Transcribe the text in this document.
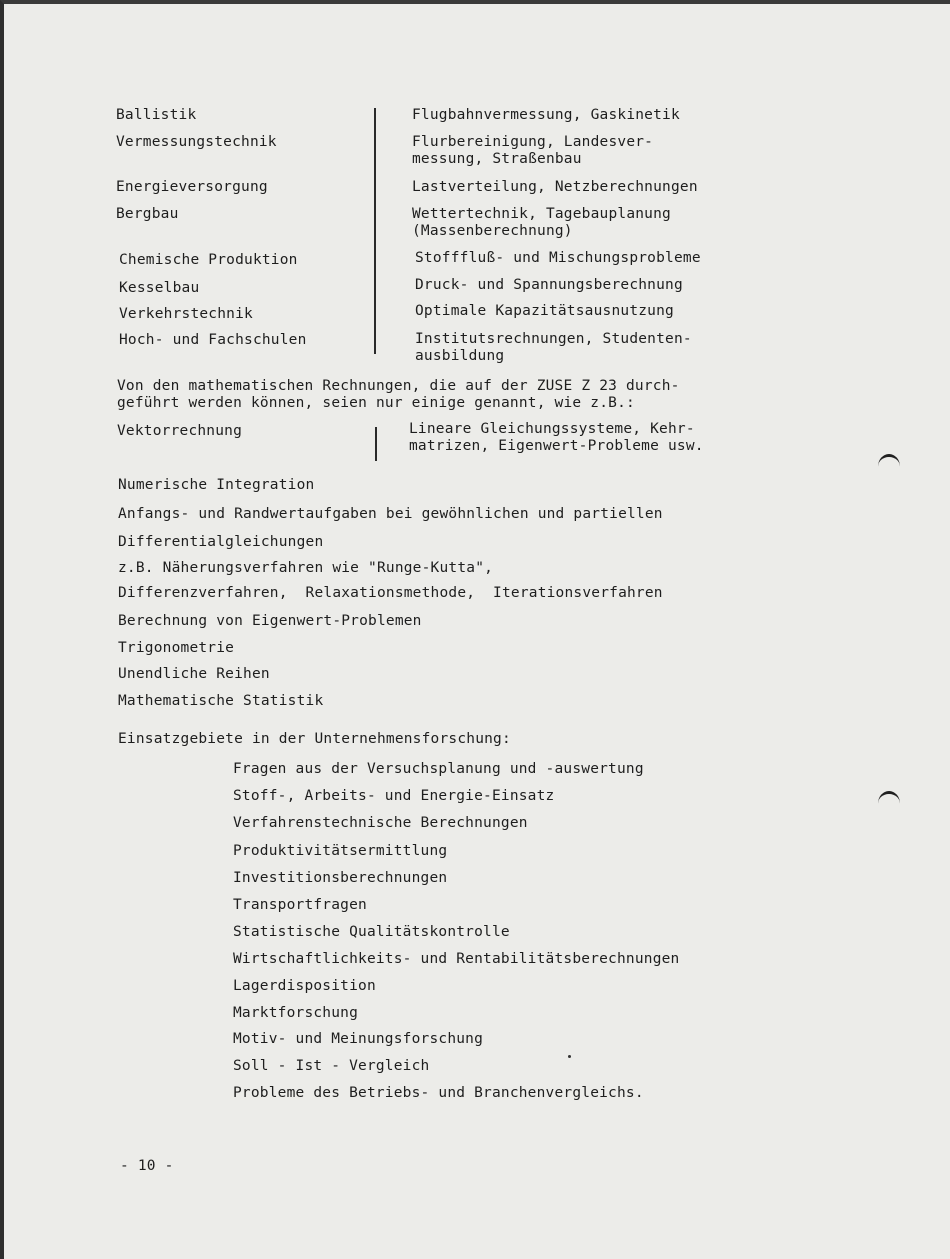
Ballistik	Flugbahnvermessung, Gaskinetik
Vermessungstechnik	Flurbereinigung, Landesver-
messung, Straßenbau
Energieversorgung	Lastverteilung, Netzberechnungen
Bergbau	Wettertechnik, Tagebauplanung
(Massenberechnung)
Chemische Produktion	Stofffluß- und Mischungsprobleme
Kesselbau	Druck- und Spannungsberechnung
Verkehrstechnik	Optimale Kapazitätsausnutzung
Hoch- und Fachschulen	Institutsrechnungen, Studenten-
ausbildung
Von den mathematischen Rechnungen, die auf der ZUSE Z 23 durch-
geführt werden können, seien nur einige genannt, wie z.B.:
Vektorrechnung	Lineare Gleichungssysteme, Kehr-
matrizen, Eigenwert-Probleme usw.
Numerische Integration
Anfangs- und Randwertaufgaben bei gewöhnlichen und partiellen
Differentialgleichungen
z.B. Näherungsverfahren wie "Runge-Kutta",
Differenzverfahren,  Relaxationsmethode,  Iterationsverfahren
Berechnung von Eigenwert-Problemen
Trigonometrie
Unendliche Reihen
Mathematische Statistik
Einsatzgebiete in der Unternehmensforschung:
Fragen aus der Versuchsplanung und -auswertung
Stoff-, Arbeits- und Energie-Einsatz
Verfahrenstechnische Berechnungen
Produktivitätsermittlung
Investitionsberechnungen
Transportfragen
Statistische Qualitätskontrolle
Wirtschaftlichkeits- und Rentabilitätsberechnungen
Lagerdisposition
Marktforschung
Motiv- und Meinungsforschung
Soll - Ist - Vergleich
Probleme des Betriebs- und Branchenvergleichs.
- 10 -
